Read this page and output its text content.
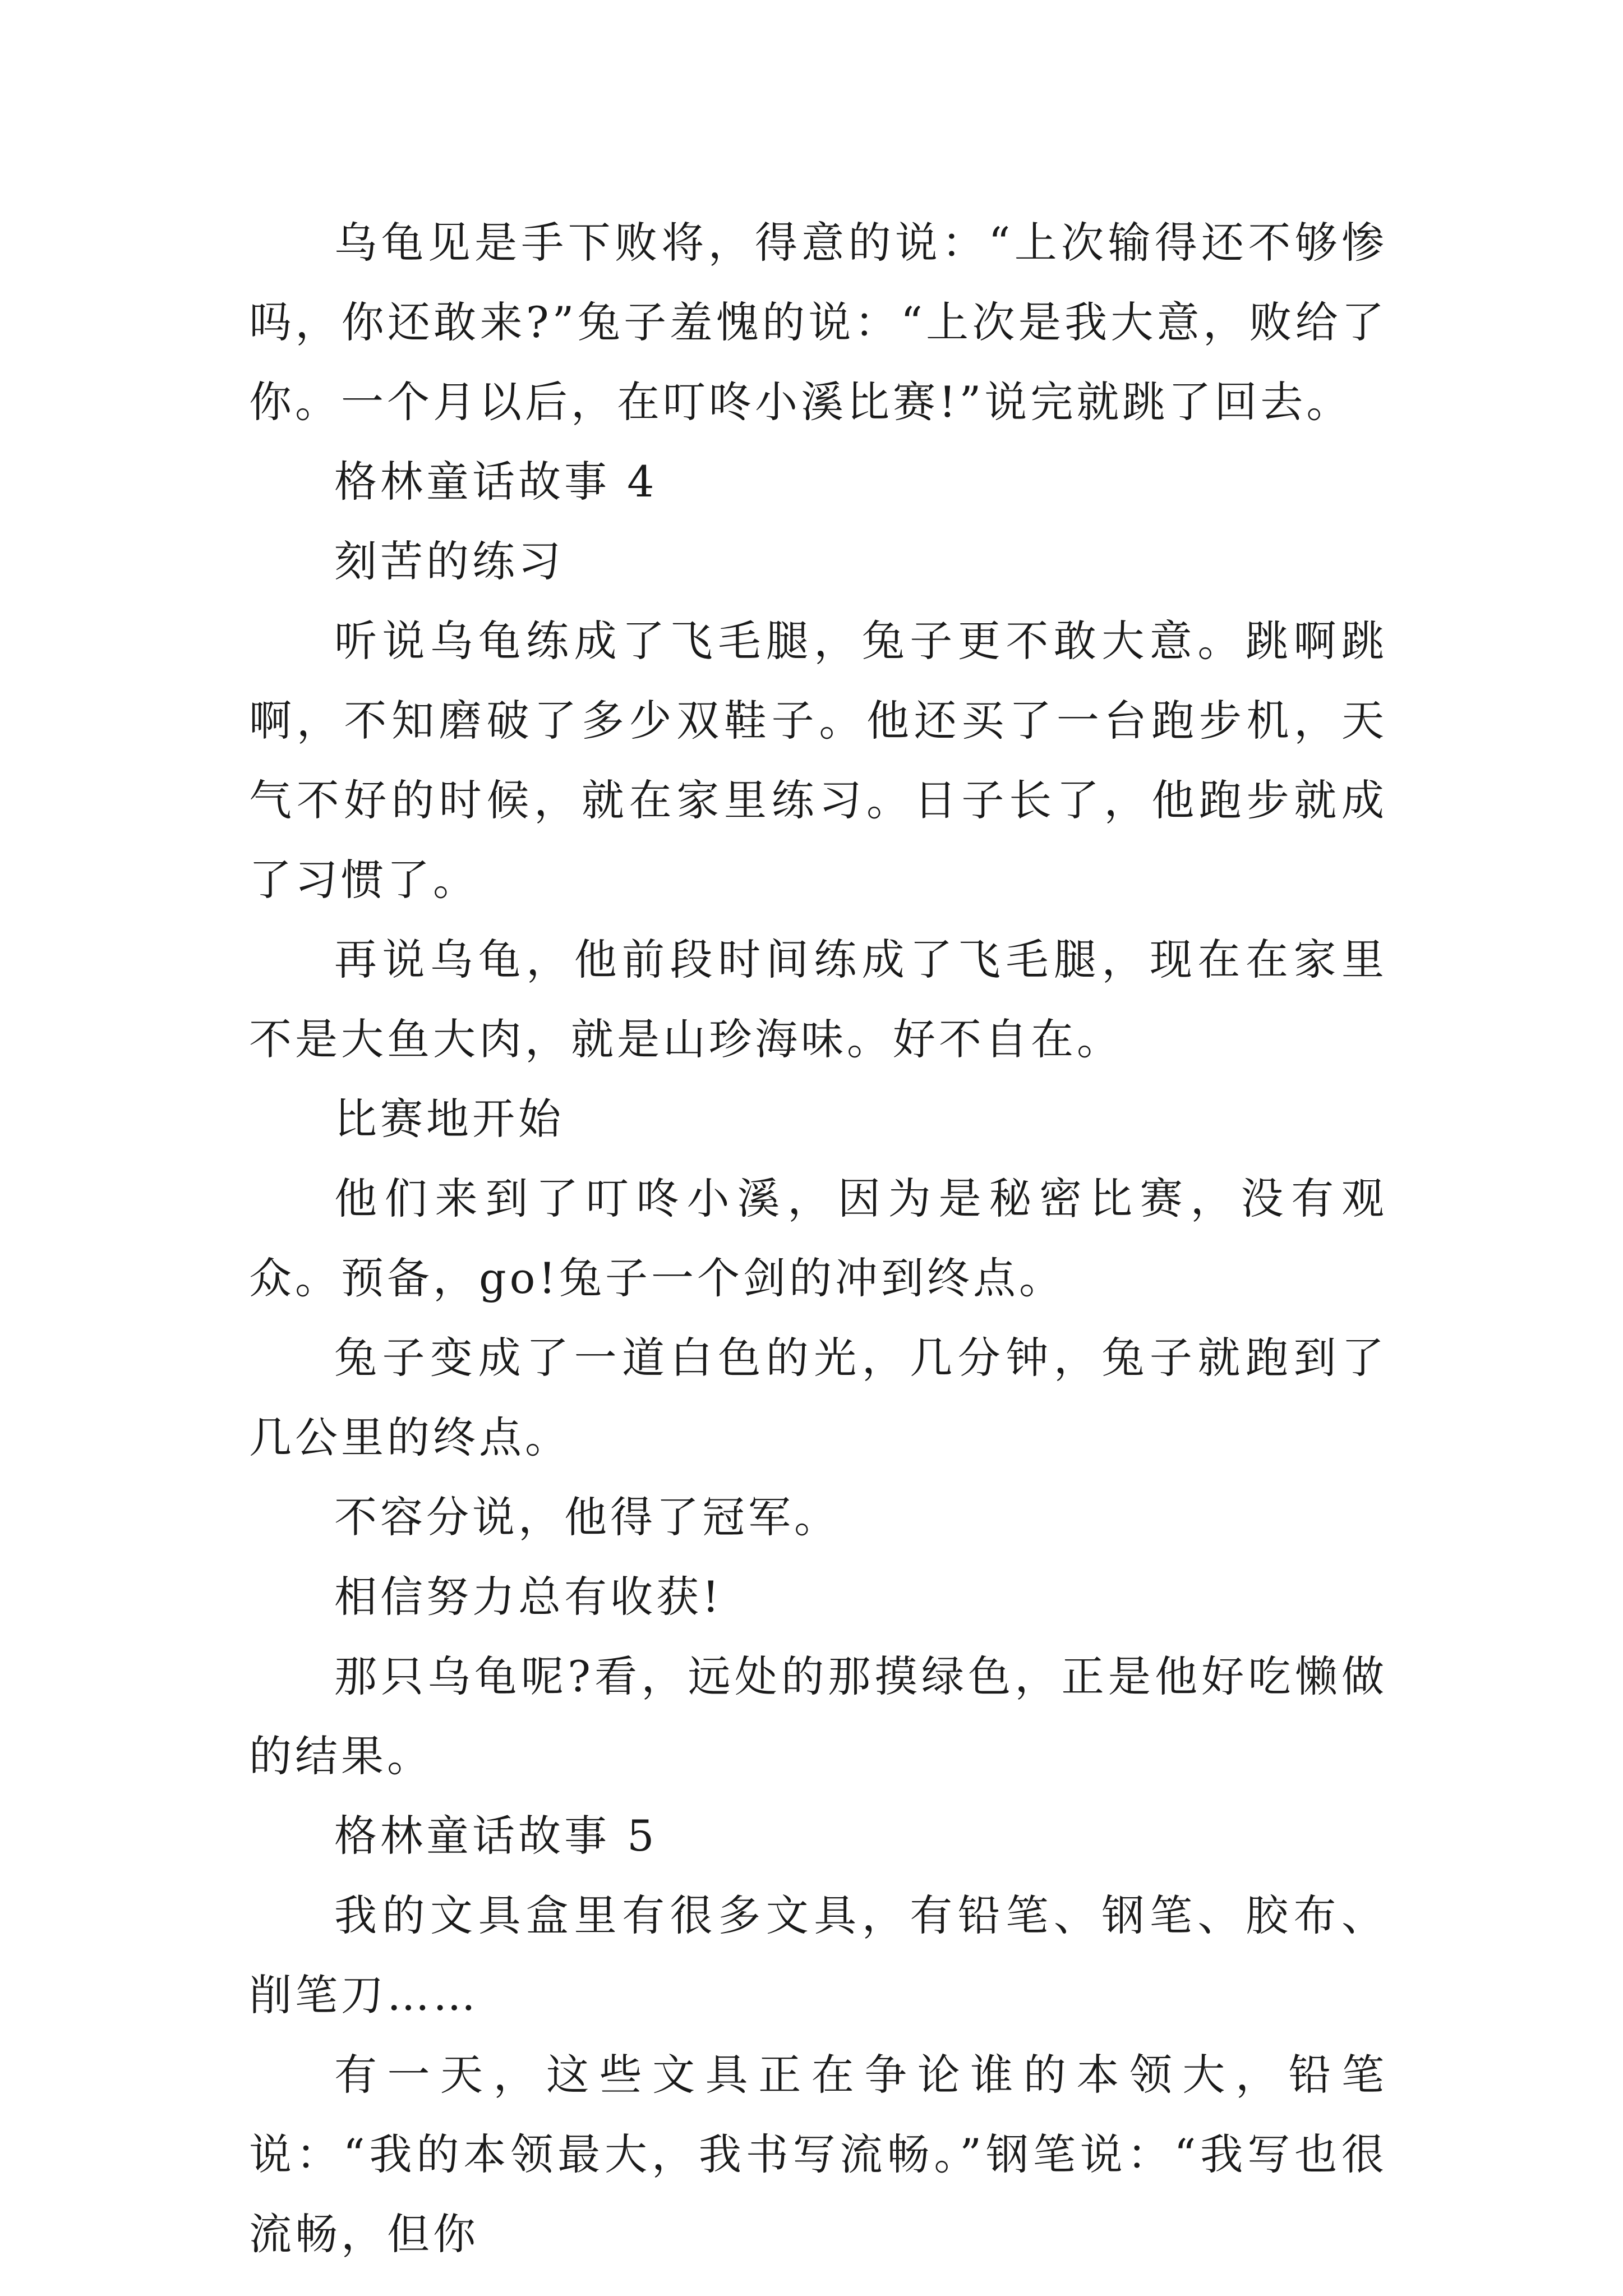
乌龟见是手下败将，得意的说：“上次输得还不够惨吗，你还敢来?”兔子羞愧的说：“上次是我大意，败给了你。一个月以后，在叮咚小溪比赛!”说完就跳了回去。

格林童话故事 4

刻苦的练习

听说乌龟练成了飞毛腿，兔子更不敢大意。跳啊跳啊，不知磨破了多少双鞋子。他还买了一台跑步机，天气不好的时候，就在家里练习。日子长了，他跑步就成了习惯了。

再说乌龟，他前段时间练成了飞毛腿，现在在家里不是大鱼大肉，就是山珍海味。好不自在。

比赛地开始

他们来到了叮咚小溪，因为是秘密比赛，没有观众。预备，go!兔子一个剑的冲到终点。

兔子变成了一道白色的光，几分钟，兔子就跑到了几公里的终点。

不容分说，他得了冠军。

相信努力总有收获!

那只乌龟呢?看，远处的那摸绿色，正是他好吃懒做的结果。

格林童话故事 5

我的文具盒里有很多文具，有铅笔、钢笔、胶布、削笔刀……

有一天，这些文具正在争论谁的本领大，铅笔说：“我的本领最大，我书写流畅。”钢笔说：“我写也很流畅，但你
